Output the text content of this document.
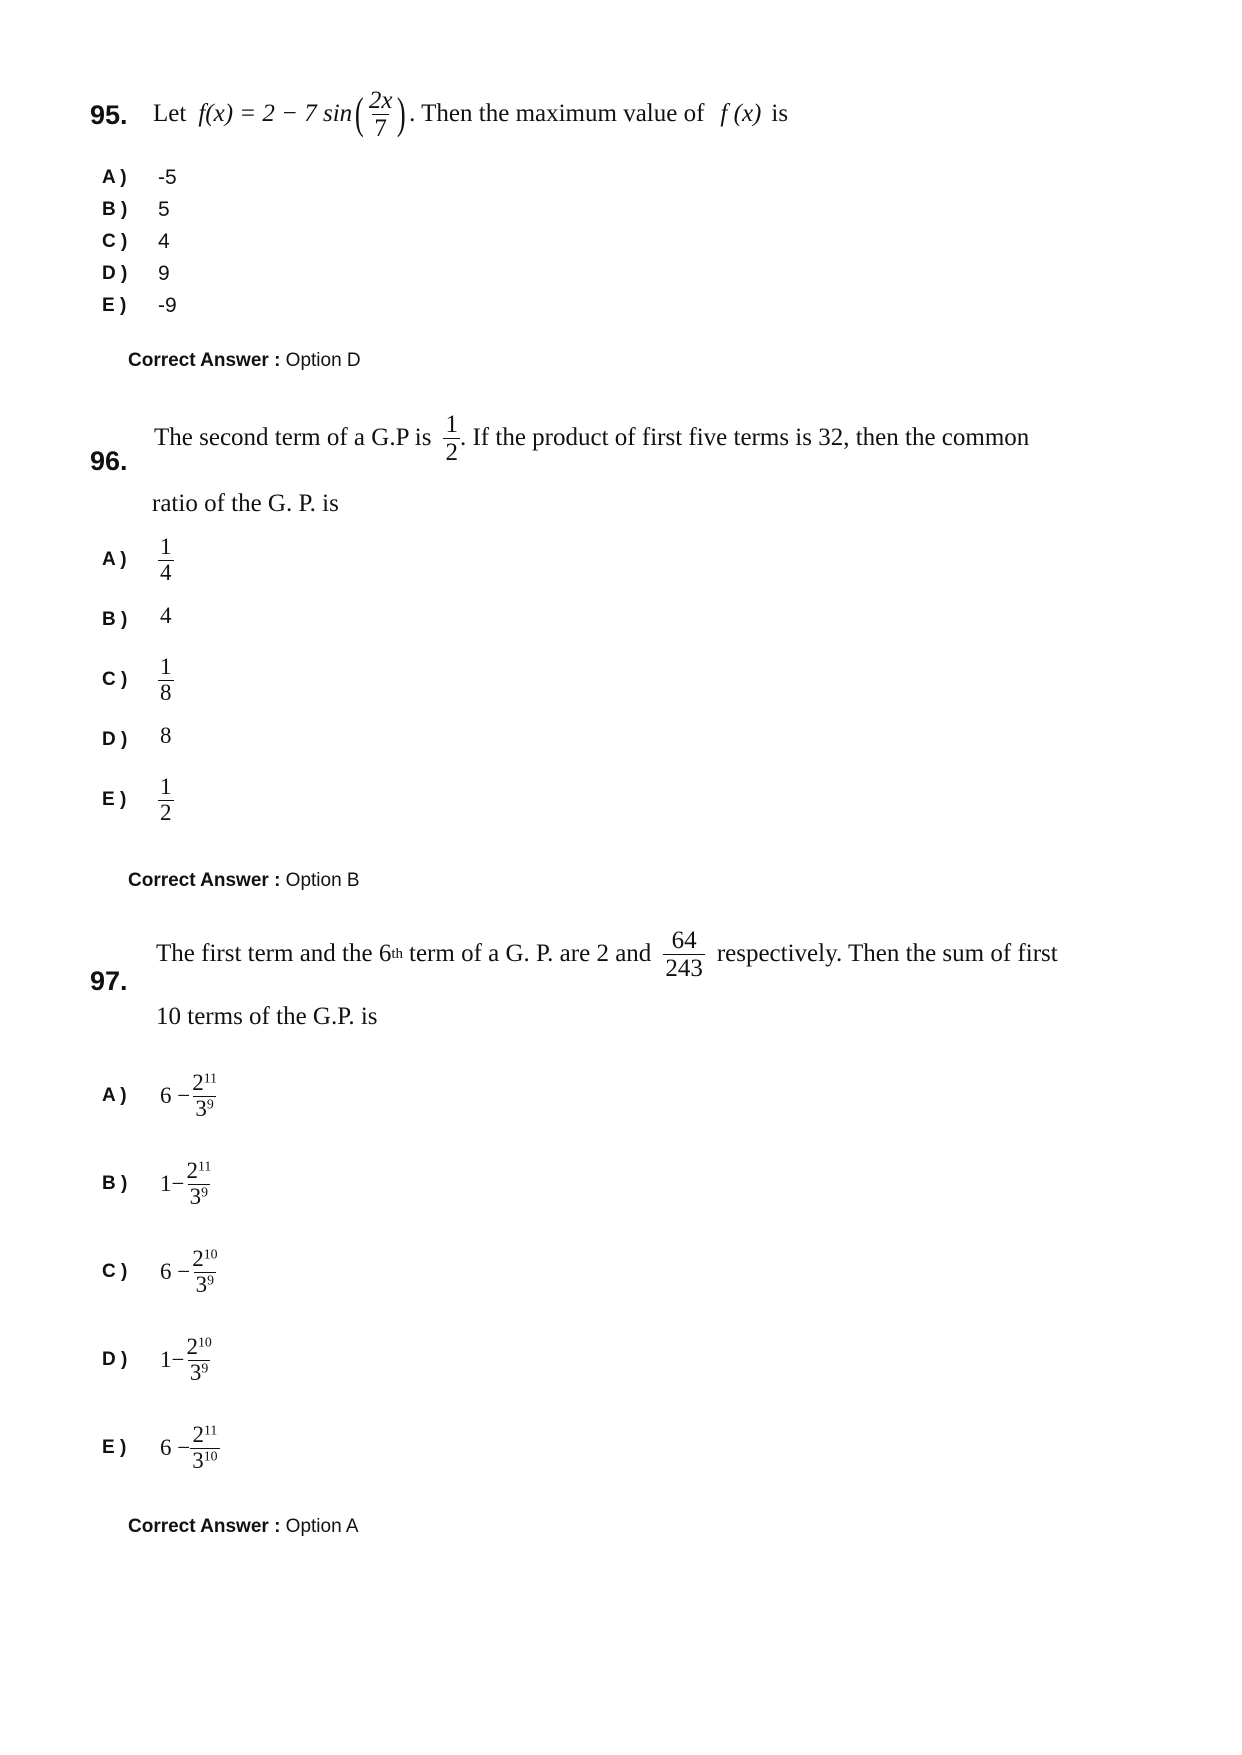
95. Let f(x) = 2 − 7 sin ( $\frac{2x}{7}$ ) . Then the maximum value of f (x) is
A )	-5
B )	5
C )	4
D )	9
E )	-9
Correct Answer : Option D
96.
The second term of a G.P is $\frac{1}{2}$ . If the product of first five terms is 32, then the common
ratio of the G. P. is
A )	$\frac{1}{4}$
B )	4
C )	$\frac{1}{8}$
D )	8
E )	$\frac{1}{2}$
Correct Answer : Option B
97.
The first term and the 6 th term of a G. P. are 2 and $\frac{64}{243}$ respectively. Then the sum of first
10 terms of the G.P. is
A )	$6 - \frac{2^{11}}{3^9}$
B )	$1- \frac{2^{11}}{3^9}$
C )	$6 - \frac{2^{10}}{3^9}$
D )	$1- \frac{2^{10}}{3^9}$
E )	$6 - \frac{2^{11}}{3^{10}}$
Correct Answer : Option A
